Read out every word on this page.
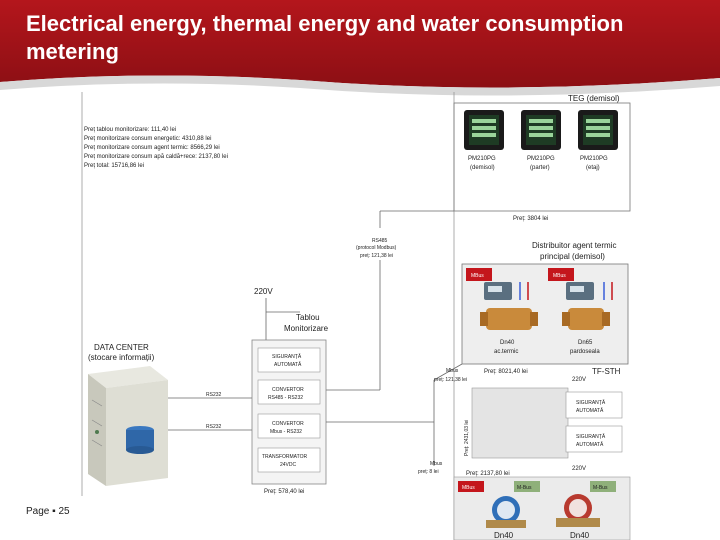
Electrical energy, thermal energy and water consumption metering
Preț tablou monitorizare: 111,40 lei
Preț monitorizare consum energetic: 4310,88 lei
Preț monitorizare consum agent termic: 8566,29 lei
Preț monitorizare consum apă caldă+rece: 2137,80 lei
Preț total: 15716,86 lei
TEG (demisol)
PM210PG
(demisol)
PM210PG
(parter)
PM210PG
(etaj)
Preț: 3804 lei
RS485
(protocol Modbus)
preț: 121,38 lei
Distribuitor agent termic
principal (demisol)
MBus	MBus
Dn40
ac.termic
Dn65
pardoseala
Preț: 8021,40 lei
220V
Tablou
Monitorizare
DATA CENTER
(stocare informații)
RS232
RS232
SIGURANȚĂ
AUTOMATĂ
CONVERTOR
RS485 - RS232
CONVERTOR
Mbus - RS232
TRANSFORMATOR
24VDC
Preț: 578,40 lei
Mbus
preț: 121,38 lei
TF-STH
220V
SIGURANȚĂ
AUTOMATĂ
SIGURANȚĂ
AUTOMATĂ
Preț: 2431,03 lei
Mbus
preț: 8 lei	Preț: 2137,80 lei
220V
MBus	M-Bus	M-Bus
Dn40	Dn40
Page ▪ 25
